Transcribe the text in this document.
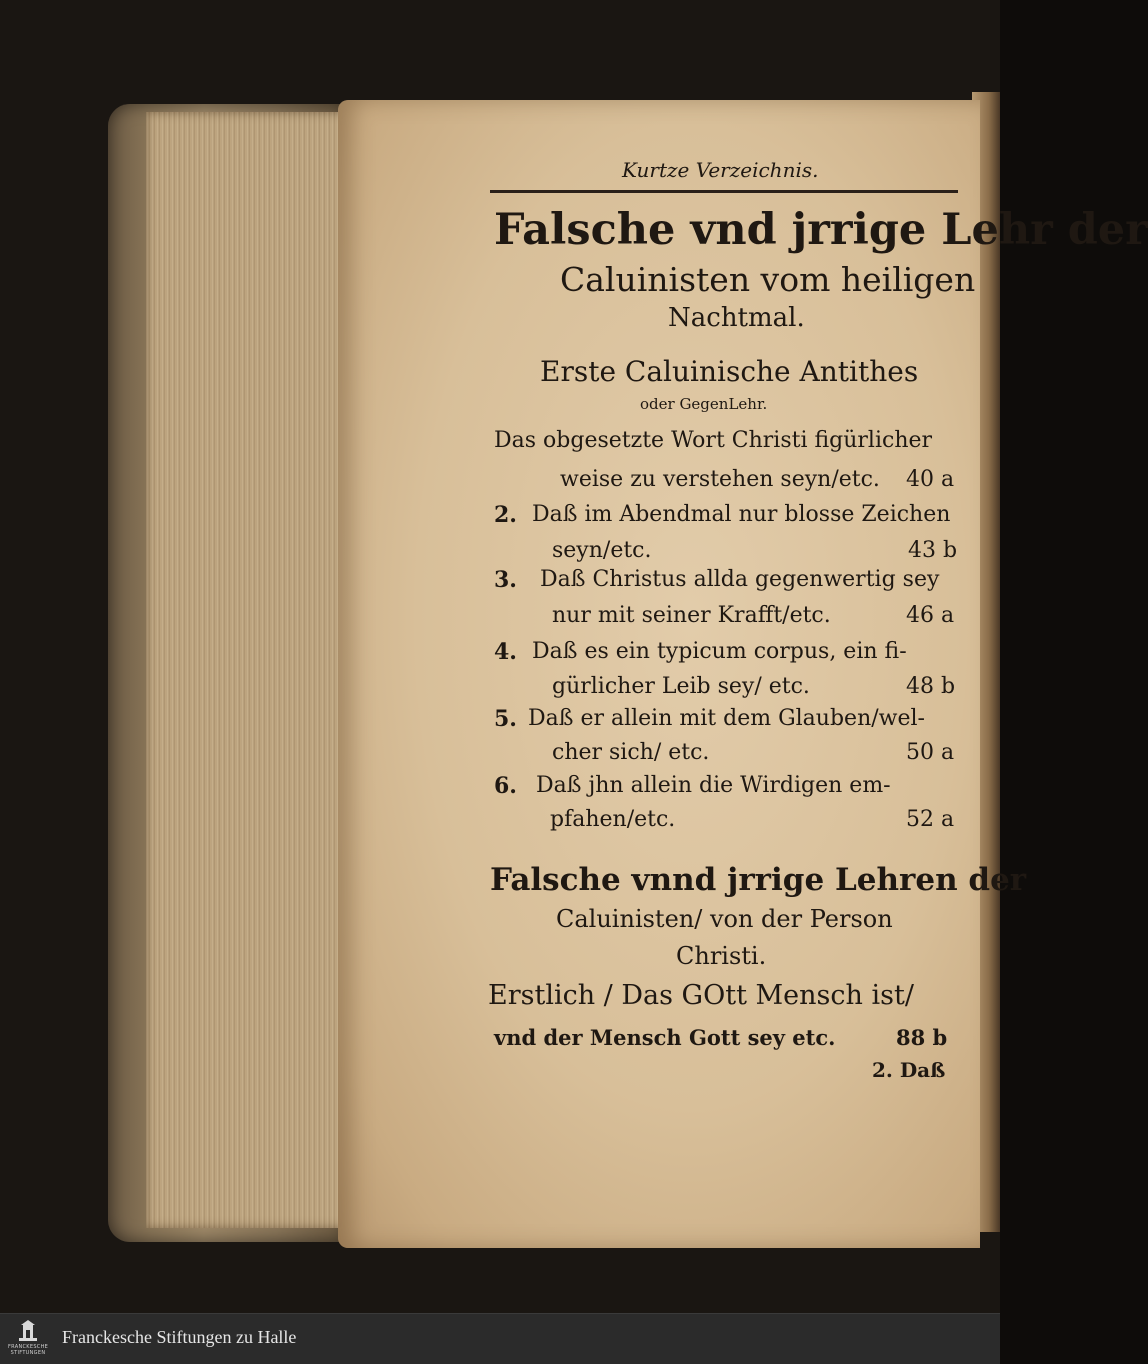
Kurtze Verzeichnis.
Falsche vnd jrrige Lehr der
Caluinisten vom heiligen
Nachtmal.
Erste Caluinische Antithes
oder GegenLehr.
Das obgesetzte Wort Christi figürlicher
weise zu verstehen seyn/etc. 40 a
2. Daß im Abendmal nur blosse Zeichen
seyn/etc.	43 b
3. Daß Christus allda gegenwertig sey
nur mit seiner Krafft/etc.	46 a
4. Daß es ein typicum corpus, ein fi-
gürlicher Leib sey/ etc.	48 b
5. Daß er allein mit dem Glauben/wel-
cher sich/ etc.	50 a
6. Daß jhn allein die Wirdigen em-
pfahen/etc.	52 a
Falsche vnnd jrrige Lehren der
Caluinisten/ von der Person
Christi.
Erstlich / Das GOtt Mensch ist/
vnd der Mensch Gott sey etc.	88 b
2. Daß
FRANCKESCHE
STIFTUNGEN
Franckesche Stiftungen zu Halle
